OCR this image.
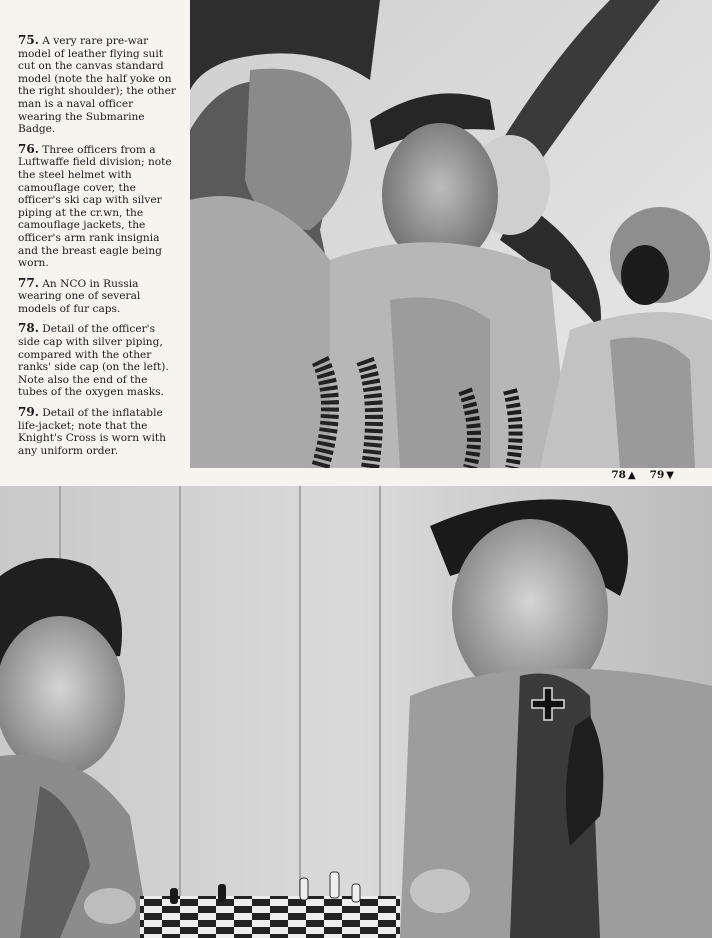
75. A very rare pre-war model of leather flying suit cut on the canvas standard model (note the half yoke on the right shoulder); the other man is a naval officer wearing the Submarine Badge.

76. Three officers from a Luftwaffe field division; note the steel helmet with camouflage cover, the officer's ski cap with silver piping at the cr.wn, the camouflage jackets, the officer's arm rank insignia and the breast eagle being worn.

77. An NCO in Russia wearing one of several models of fur caps.

78. Detail of the officer's side cap with silver piping, compared with the other ranks' side cap (on the left). Note also the end of the tubes of the oxygen masks.

79. Detail of the inflatable life-jacket; note that the Knight's Cross is worn with any uniform order.

78 ▲ 79 ▼
